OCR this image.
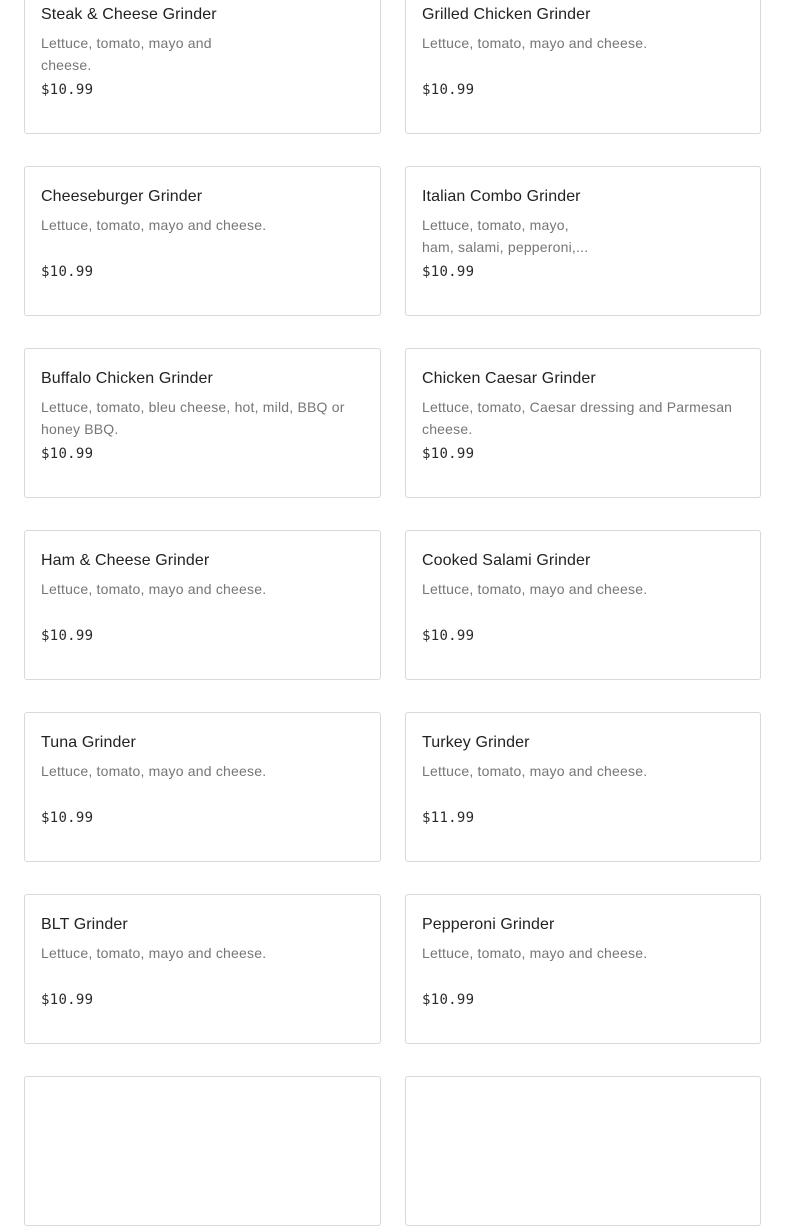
Steak & Cheese Grinder
Lettuce, tomato, mayo and cheese.
$10.99
Grilled Chicken Grinder
Lettuce, tomato, mayo and cheese.
$10.99
Cheeseburger Grinder
Lettuce, tomato, mayo and cheese.
$10.99
Italian Combo Grinder
Lettuce, tomato, mayo, ham, salami, pepperoni,...
$10.99
Buffalo Chicken Grinder
Lettuce, tomato, bleu cheese, hot, mild, BBQ or honey BBQ.
$10.99
Chicken Caesar Grinder
Lettuce, tomato, Caesar dressing and Parmesan cheese.
$10.99
Ham & Cheese Grinder
Lettuce, tomato, mayo and cheese.
$10.99
Cooked Salami Grinder
Lettuce, tomato, mayo and cheese.
$10.99
Tuna Grinder
Lettuce, tomato, mayo and cheese.
$10.99
Turkey Grinder
Lettuce, tomato, mayo and cheese.
$11.99
BLT Grinder
Lettuce, tomato, mayo and cheese.
$10.99
Pepperoni Grinder
Lettuce, tomato, mayo and cheese.
$10.99
